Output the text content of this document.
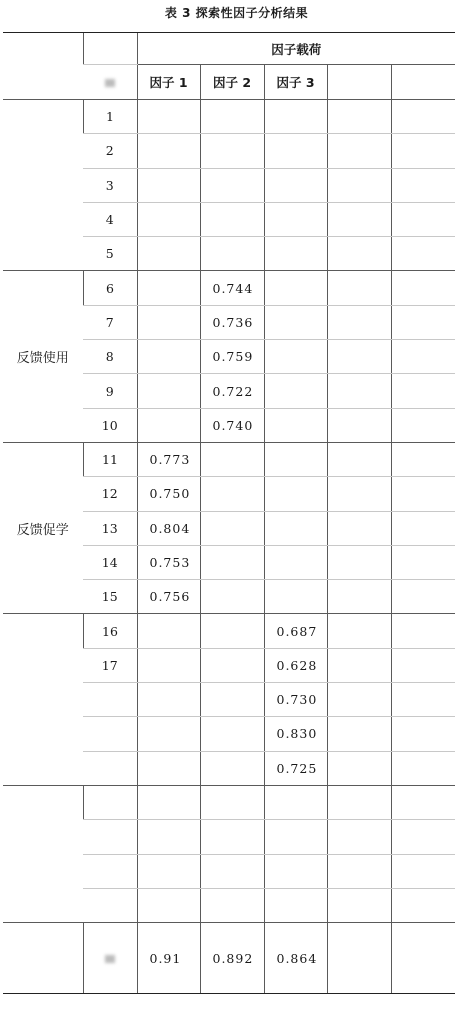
表 3 探索性因子分析结果
		因子载荷				
		因子 1	因子 2	因子 3		
	1					
	2					
	3					
	4					
	5					
反馈使用	6		0.744			
	7		0.736			
	8		0.759			
	9		0.722			
	10		0.740			
反馈促学	11	0.773				
	12	0.750				
	13	0.804				
	14	0.753				
	15	0.756				
	16			0.687		
	17			0.628		
				0.730		
				0.830		
				0.725		

		0.91	0.892	0.864		
